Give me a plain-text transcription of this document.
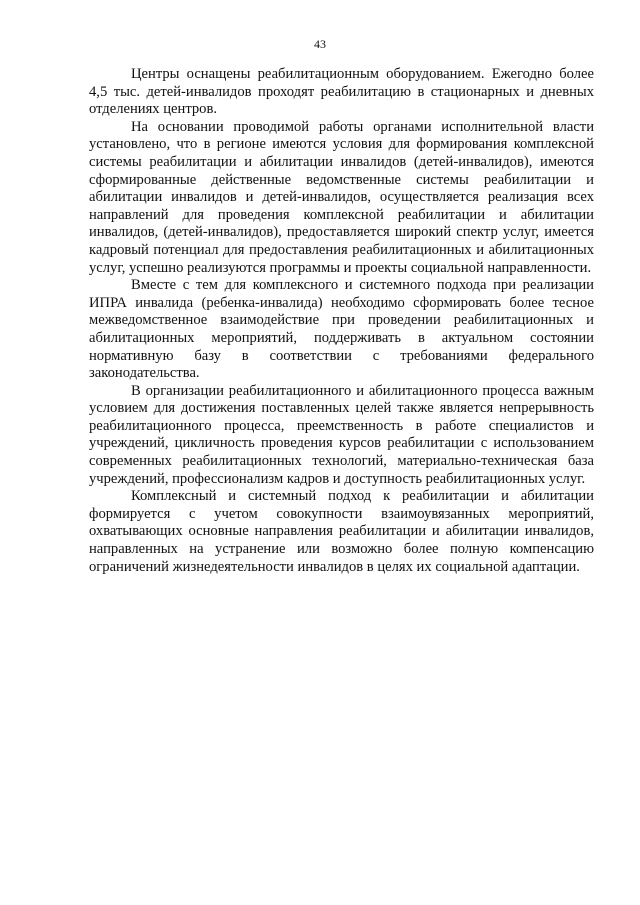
43

Центры оснащены реабилитационным оборудованием. Ежегодно более 4,5 тыс. детей-инвалидов проходят реабилитацию в стационарных и дневных отделениях центров.

На основании проводимой работы органами исполнительной власти установлено, что в регионе имеются условия для формирования комплексной системы реабилитации и абилитации инвалидов (детей-инвалидов), имеются сформированные действенные ведомственные системы реабилитации и абилитации инвалидов и детей-инвалидов, осуществляется реализация всех направлений для проведения комплексной реабилитации и абилитации инвалидов, (детей-инвалидов), предоставляется широкий спектр услуг, имеется кадровый потенциал для предоставления реабилитационных и абилитационных услуг, успешно реализуются программы и проекты социальной направленности.

Вместе с тем для комплексного и системного подхода при реализации ИПРА инвалида (ребенка-инвалида) необходимо сформировать более тесное межведомственное взаимодействие при проведении реабилитационных и абилитационных мероприятий, поддерживать в актуальном состоянии нормативную базу в соответствии с требованиями федерального законодательства.

В организации реабилитационного и абилитационного процесса важным условием для достижения поставленных целей также является непрерывность реабилитационного процесса, преемственность в работе специалистов и учреждений, цикличность проведения курсов реабилитации с использованием современных реабилитационных технологий, материально-техническая база учреждений, профессионализм кадров и доступность реабилитационных услуг.

Комплексный и системный подход к реабилитации и абилитации формируется с учетом совокупности взаимоувязанных мероприятий, охватывающих основные направления реабилитации и абилитации инвалидов, направленных на устранение или возможно более полную компенсацию ограничений жизнедеятельности инвалидов в целях их социальной адаптации.
